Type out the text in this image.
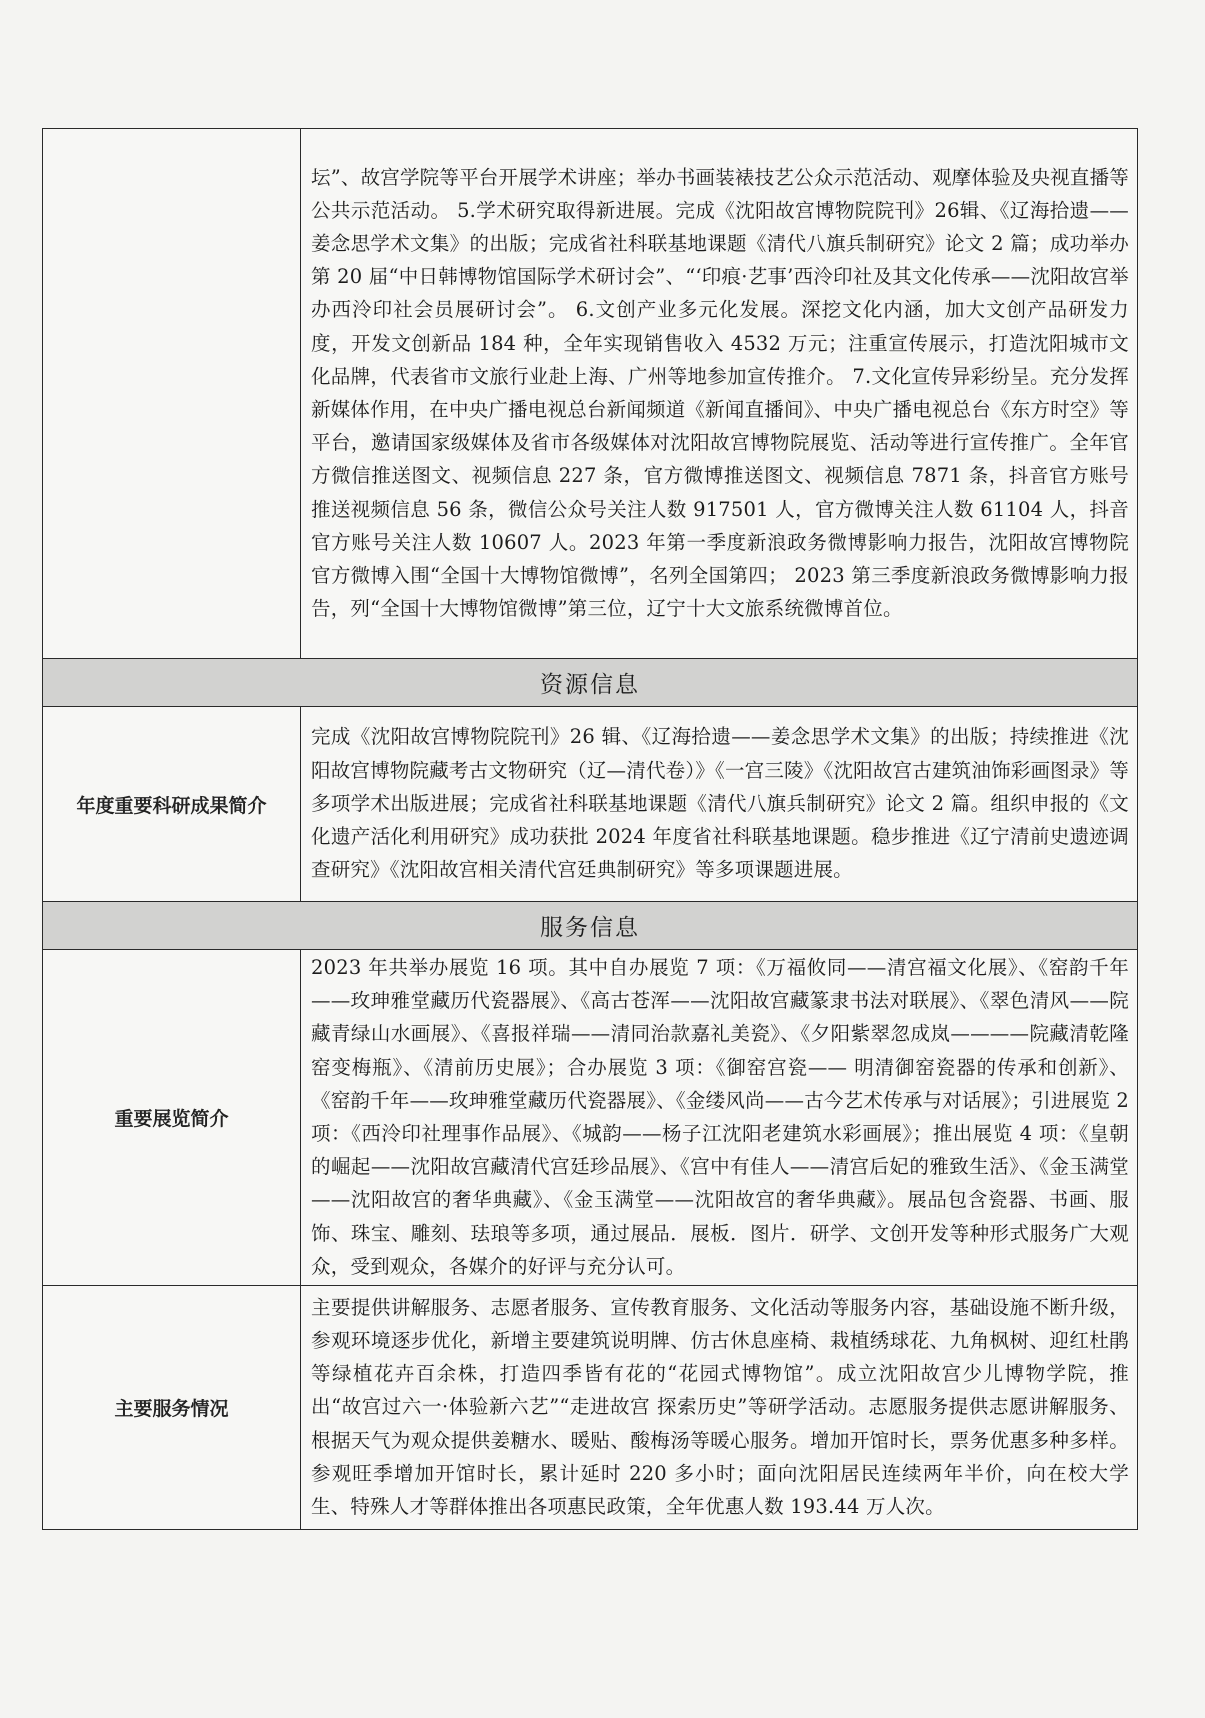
	坛”、故宫学院等平台开展学术讲座；举办书画装裱技艺公众示范活动、观摩体验及央视直播等公共示范活动。 5.学术研究取得新进展。完成《沈阳故宫博物院院刊》26辑、《辽海拾遗——姜念思学术文集》的出版；完成省社科联基地课题《清代八旗兵制研究》论文 2 篇；成功举办第 20 届“中日韩博物馆国际学术研讨会”、“‘印痕·艺事’西泠印社及其文化传承——沈阳故宫举办西泠印社会员展研讨会”。 6.文创产业多元化发展。深挖文化内涵，加大文创产品研发力度，开发文创新品 184 种，全年实现销售收入 4532 万元；注重宣传展示，打造沈阳城市文化品牌，代表省市文旅行业赴上海、广州等地参加宣传推介。 7.文化宣传异彩纷呈。充分发挥新媒体作用，在中央广播电视总台新闻频道《新闻直播间》、中央广播电视总台《东方时空》等平台，邀请国家级媒体及省市各级媒体对沈阳故宫博物院展览、活动等进行宣传推广。全年官方微信推送图文、视频信息 227 条，官方微博推送图文、视频信息 7871 条，抖音官方账号推送视频信息 56 条，微信公众号关注人数 917501 人，官方微博关注人数 61104 人，抖音官方账号关注人数 10607 人。2023 年第一季度新浪政务微博影响力报告，沈阳故宫博物院官方微博入围“全国十大博物馆微博”，名列全国第四； 2023 第三季度新浪政务微博影响力报告，列“全国十大博物馆微博”第三位，辽宁十大文旅系统微博首位。
资源信息	
年度重要科研成果简介	完成《沈阳故宫博物院院刊》26 辑、《辽海拾遗——姜念思学术文集》的出版；持续推进《沈阳故宫博物院藏考古文物研究（辽—清代卷）》《一宫三陵》《沈阳故宫古建筑油饰彩画图录》等多项学术出版进展；完成省社科联基地课题《清代八旗兵制研究》论文 2 篇。组织申报的《文化遗产活化利用研究》成功获批 2024 年度省社科联基地课题。稳步推进《辽宁清前史遗迹调查研究》《沈阳故宫相关清代宫廷典制研究》等多项课题进展。
服务信息	
重要展览简介	2023 年共举办展览 16 项。其中自办展览 7 项：《万福攸同——清宫福文化展》、《窑韵千年——玫珅雅堂藏历代瓷器展》、《高古苍浑——沈阳故宫藏篆隶书法对联展》、《翠色清风——院藏青绿山水画展》、《喜报祥瑞——清同治款嘉礼美瓷》、《夕阳紫翠忽成岚————院藏清乾隆窑变梅瓶》、《清前历史展》；合办展览 3 项：《御窑宫瓷—— 明清御窑瓷器的传承和创新》、《窑韵千年——玫珅雅堂藏历代瓷器展》、《金缕风尚——古今艺术传承与对话展》；引进展览 2 项：《西泠印社理事作品展》、《城韵——杨子江沈阳老建筑水彩画展》；推出展览 4 项：《皇朝的崛起——沈阳故宫藏清代宫廷珍品展》、《宫中有佳人——清宫后妃的雅致生活》、《金玉满堂——沈阳故宫的奢华典藏》、《金玉满堂——沈阳故宫的奢华典藏》。展品包含瓷器、书画、服饰、珠宝、雕刻、珐琅等多项，通过展品．展板．图片．研学、文创开发等种形式服务广大观众，受到观众，各媒介的好评与充分认可。
主要服务情况	主要提供讲解服务、志愿者服务、宣传教育服务、文化活动等服务内容，基础设施不断升级，参观环境逐步优化，新增主要建筑说明牌、仿古休息座椅、栽植绣球花、九角枫树、迎红杜鹃等绿植花卉百余株，打造四季皆有花的“花园式博物馆”。成立沈阳故宫少儿博物学院，推出“故宫过六一·体验新六艺”“走进故宫 探索历史”等研学活动。志愿服务提供志愿讲解服务、根据天气为观众提供姜糖水、暖贴、酸梅汤等暖心服务。增加开馆时长，票务优惠多种多样。参观旺季增加开馆时长，累计延时 220 多小时；面向沈阳居民连续两年半价，向在校大学生、特殊人才等群体推出各项惠民政策，全年优惠人数 193.44 万人次。
